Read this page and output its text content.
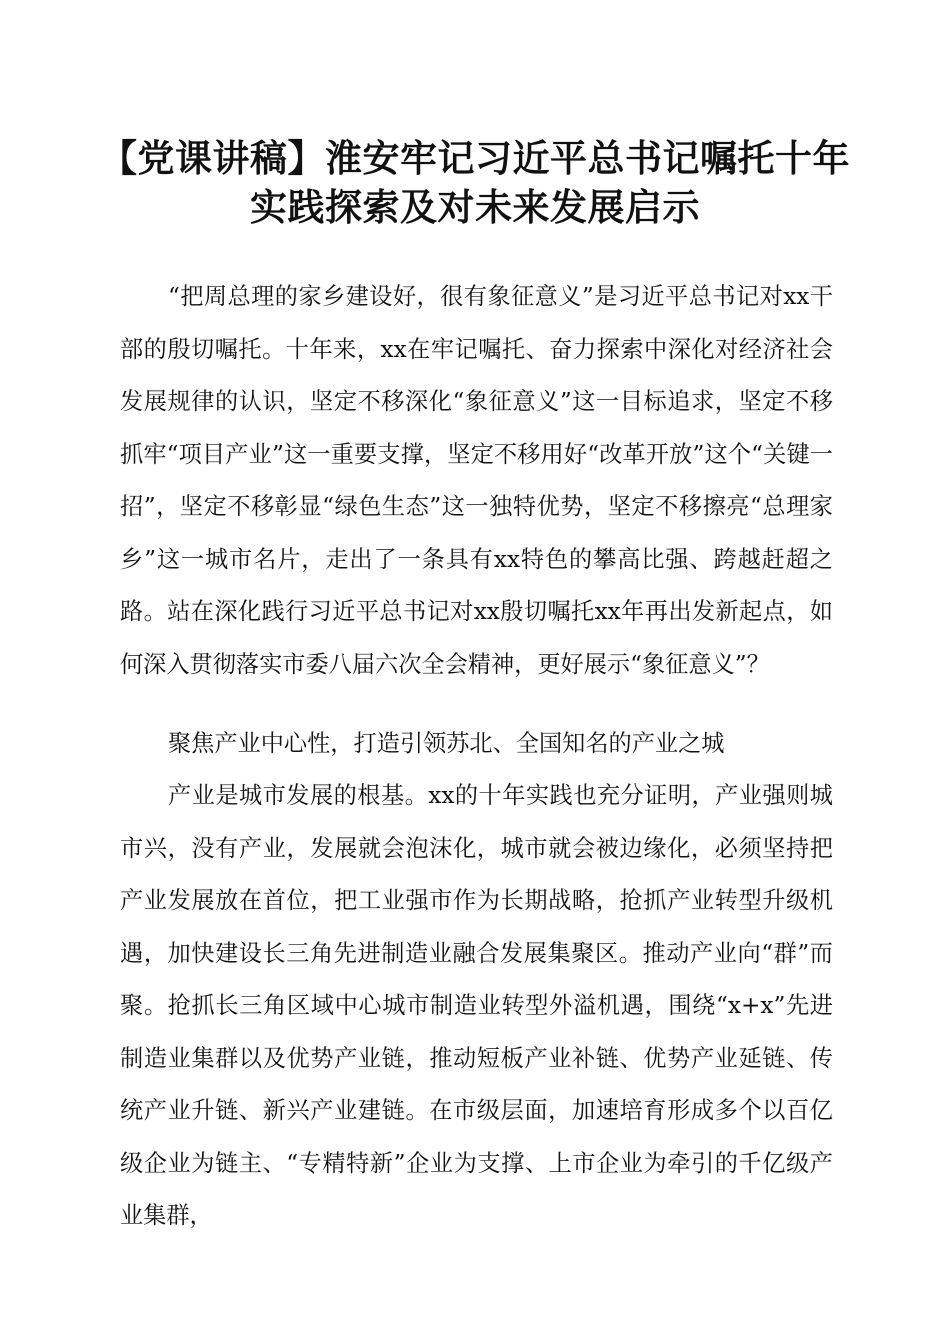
【党课讲稿】淮安牢记习近平总书记嘱托十年
实践探索及对未来发展启示

“把周总理的家乡建设好，很有象征意义”是习近平总书记对xx干部的殷切嘱托。十年来，xx在牢记嘱托、奋力探索中深化对经济社会发展规律的认识，坚定不移深化“象征意义”这一目标追求，坚定不移抓牢“项目产业”这一重要支撑，坚定不移用好“改革开放”这个“关键一招”，坚定不移彰显“绿色生态”这一独特优势，坚定不移擦亮“总理家乡”这一城市名片，走出了一条具有xx特色的攀高比强、跨越赶超之路。站在深化践行习近平总书记对xx殷切嘱托xx年再出发新起点，如何深入贯彻落实市委八届六次全会精神，更好展示“象征意义”？

聚焦产业中心性，打造引领苏北、全国知名的产业之城

产业是城市发展的根基。xx的十年实践也充分证明，产业强则城市兴，没有产业，发展就会泡沫化，城市就会被边缘化，必须坚持把产业发展放在首位，把工业强市作为长期战略，抢抓产业转型升级机遇，加快建设长三角先进制造业融合发展集聚区。推动产业向“群”而聚。抢抓长三角区域中心城市制造业转型外溢机遇，围绕“x+x”先进制造业集群以及优势产业链，推动短板产业补链、优势产业延链、传统产业升链、新兴产业建链。在市级层面，加速培育形成多个以百亿级企业为链主、“专精特新”企业为支撑、上市企业为牵引的千亿级产业集群，
